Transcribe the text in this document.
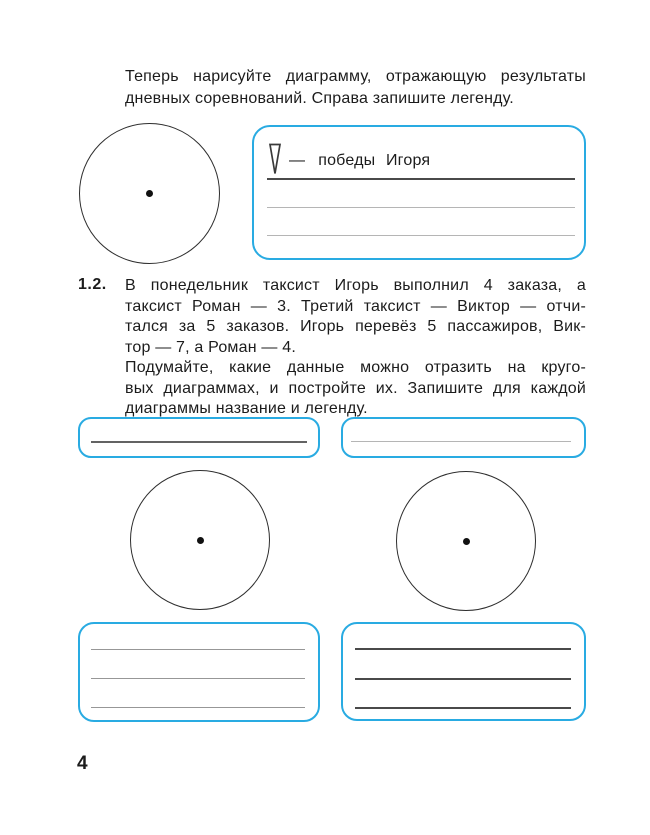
Теперь нарисуйте диаграмму, отражающую результаты
дневных соревнований. Справа запишите легенду.
— победы Игоря
1.2. В понедельник таксист Игорь выполнил 4 заказа, а
таксист Роман — 3. Третий таксист — Виктор — отчи-
тался за 5 заказов. Игорь перевёз 5 пассажиров, Вик-
тор — 7, а Роман — 4.
Подумайте, какие данные можно отразить на круго-
вых диаграммах, и постройте их. Запишите для каждой
диаграммы название и легенду.
4
